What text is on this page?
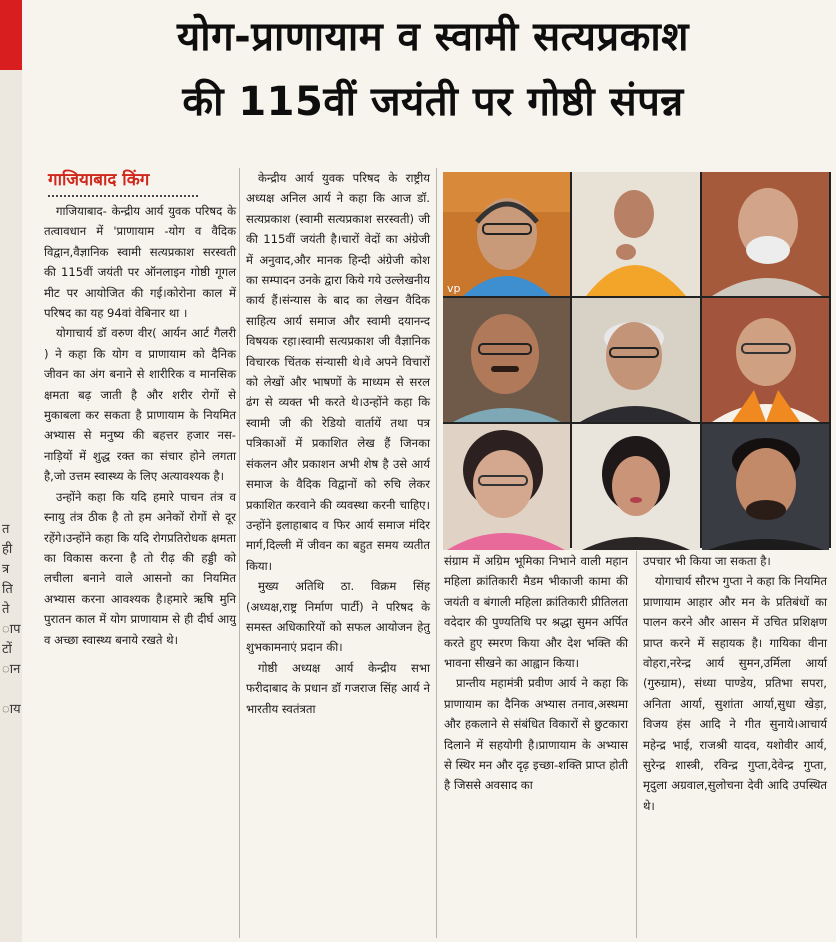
त
ही
त्र
ति
ते
ाप
टों
ान
ाय
योग-प्राणायाम व स्वामी सत्यप्रकाश
की 115वीं जयंती पर गोष्ठी संपन्न
गाजियाबाद किंग

गाजियाबाद- केन्द्रीय आर्य युवक परिषद के तत्वावधान में 'प्राणायाम -योग व वैदिक विद्वान,वैज्ञानिक स्वामी सत्यप्रकाश सरस्वती की 115वीं जयंती पर ऑनलाइन गोष्ठी गूगल मीट पर आयोजित की गई।कोरोना काल में परिषद का यह 94वां वेबिनार था ।

योगाचार्य डॉ वरुण वीर( आर्यन आर्ट गैलरी ) ने कहा कि योग व प्राणायाम को दैनिक जीवन का अंग बनाने से शारीरिक व मानसिक क्षमता बढ़ जाती है और शरीर रोगों से मुकाबला कर सकता है प्राणायाम के नियमित अभ्यास से मनुष्य की बहत्तर हजार नस-नाड़ियों में शुद्ध रक्त का संचार होने लगता है,जो उत्तम स्वास्थ्य के लिए अत्यावश्यक है।

उन्होंने कहा कि यदि हमारे पाचन तंत्र व स्नायु तंत्र ठीक है तो हम अनेकों रोगों से दूर रहेंगे।उन्होंने कहा कि यदि रोगप्रतिरोधक क्षमता का विकास करना है तो रीढ़ की हड्डी को लचीला बनाने वाले आसनो का नियमित अभ्यास करना आवश्यक है।हमारे ऋषि मुनि पुरातन काल में योग प्राणायाम से ही दीर्घ आयु व अच्छा स्वास्थ्य बनाये रखते थे।

केन्द्रीय आर्य युवक परिषद के राष्ट्रीय अध्यक्ष अनिल आर्य ने कहा कि आज डॉ. सत्यप्रकाश (स्वामी सत्यप्रकाश सरस्वती) जी की 115वीं जयंती है।चारों वेदों का अंग्रेजी में अनुवाद,और मानक हिन्दी अंग्रेजी कोश का सम्पादन उनके द्वारा किये गये उल्लेखनीय कार्य हैं।संन्यास के बाद का लेखन वैदिक साहित्य आर्य समाज और स्वामी दयानन्द विषयक रहा।स्वामी सत्यप्रकाश जी वैज्ञानिक विचारक चिंतक संन्यासी थे।वे अपने विचारों को लेखों और भाषणों के माध्यम से सरल ढंग से व्यक्त भी करते थे।उन्होंने कहा कि स्वामी जी की रेडियो वार्तायें तथा पत्र पत्रिकाओं में प्रकाशित लेख हैं जिनका संकलन और प्रकाशन अभी शेष है उसे आर्य समाज के वैदिक विद्वानों को रुचि लेकर प्रकाशित करवाने की व्यवस्था करनी चाहिए।उन्होंने इलाहाबाद व फिर आर्य समाज मंदिर मार्ग,दिल्ली में जीवन का बहुत समय व्यतीत किया।

मुख्य अतिथि ठा. विक्रम सिंह (अध्यक्ष,राष्ट्र निर्माण पार्टी) ने परिषद के समस्त अधिकारियों को सफल आयोजन हेतु शुभकामनाएं प्रदान की।

गोष्ठी अध्यक्ष आर्य केन्द्रीय सभा फरीदाबाद के प्रधान डॉ गजराज सिंह आर्य ने भारतीय स्वतंत्रता

vp

संग्राम में अग्रिम भूमिका निभाने वाली महान महिला क्रांतिकारी मैडम भीकाजी कामा की जयंती व बंगाली महिला क्रांतिकारी प्रीतिलता वदेदार की पुण्यतिथि पर श्रद्धा सुमन अर्पित करते हुए स्मरण किया और देश भक्ति की भावना सीखने का आह्वान किया।

प्रान्तीय महामंत्री प्रवीण आर्य ने कहा कि प्राणायाम का दैनिक अभ्यास तनाव,अस्थमा और हकलाने से संबंधित विकारों से छुटकारा दिलाने में सहयोगी है।प्राणायाम के अभ्यास से स्थिर मन और दृढ़ इच्छा-शक्ति प्राप्त होती है जिससे अवसाद का

उपचार भी किया जा सकता है।

योगाचार्य सौरभ गुप्ता ने कहा कि नियमित प्राणायाम आहार और मन के प्रतिबंधों का पालन करने और आसन में उचित प्रशिक्षण प्राप्त करने में सहायक है। गायिका वीना वोहरा,नरेन्द्र आर्य सुमन,उर्मिला आर्या (गुरुग्राम), संध्या पाण्डेय, प्रतिभा सपरा, अनिता आर्या, सुशांता आर्या,सुधा खेड़ा, विजय हंस आदि ने गीत सुनाये।आचार्य महेन्द्र भाई, राजश्री यादव, यशोवीर आर्य, सुरेन्द्र शास्त्री, रविन्द्र गुप्ता,देवेन्द्र गुप्ता, मृदुला अग्रवाल,सुलोचना देवी आदि उपस्थित थे।
